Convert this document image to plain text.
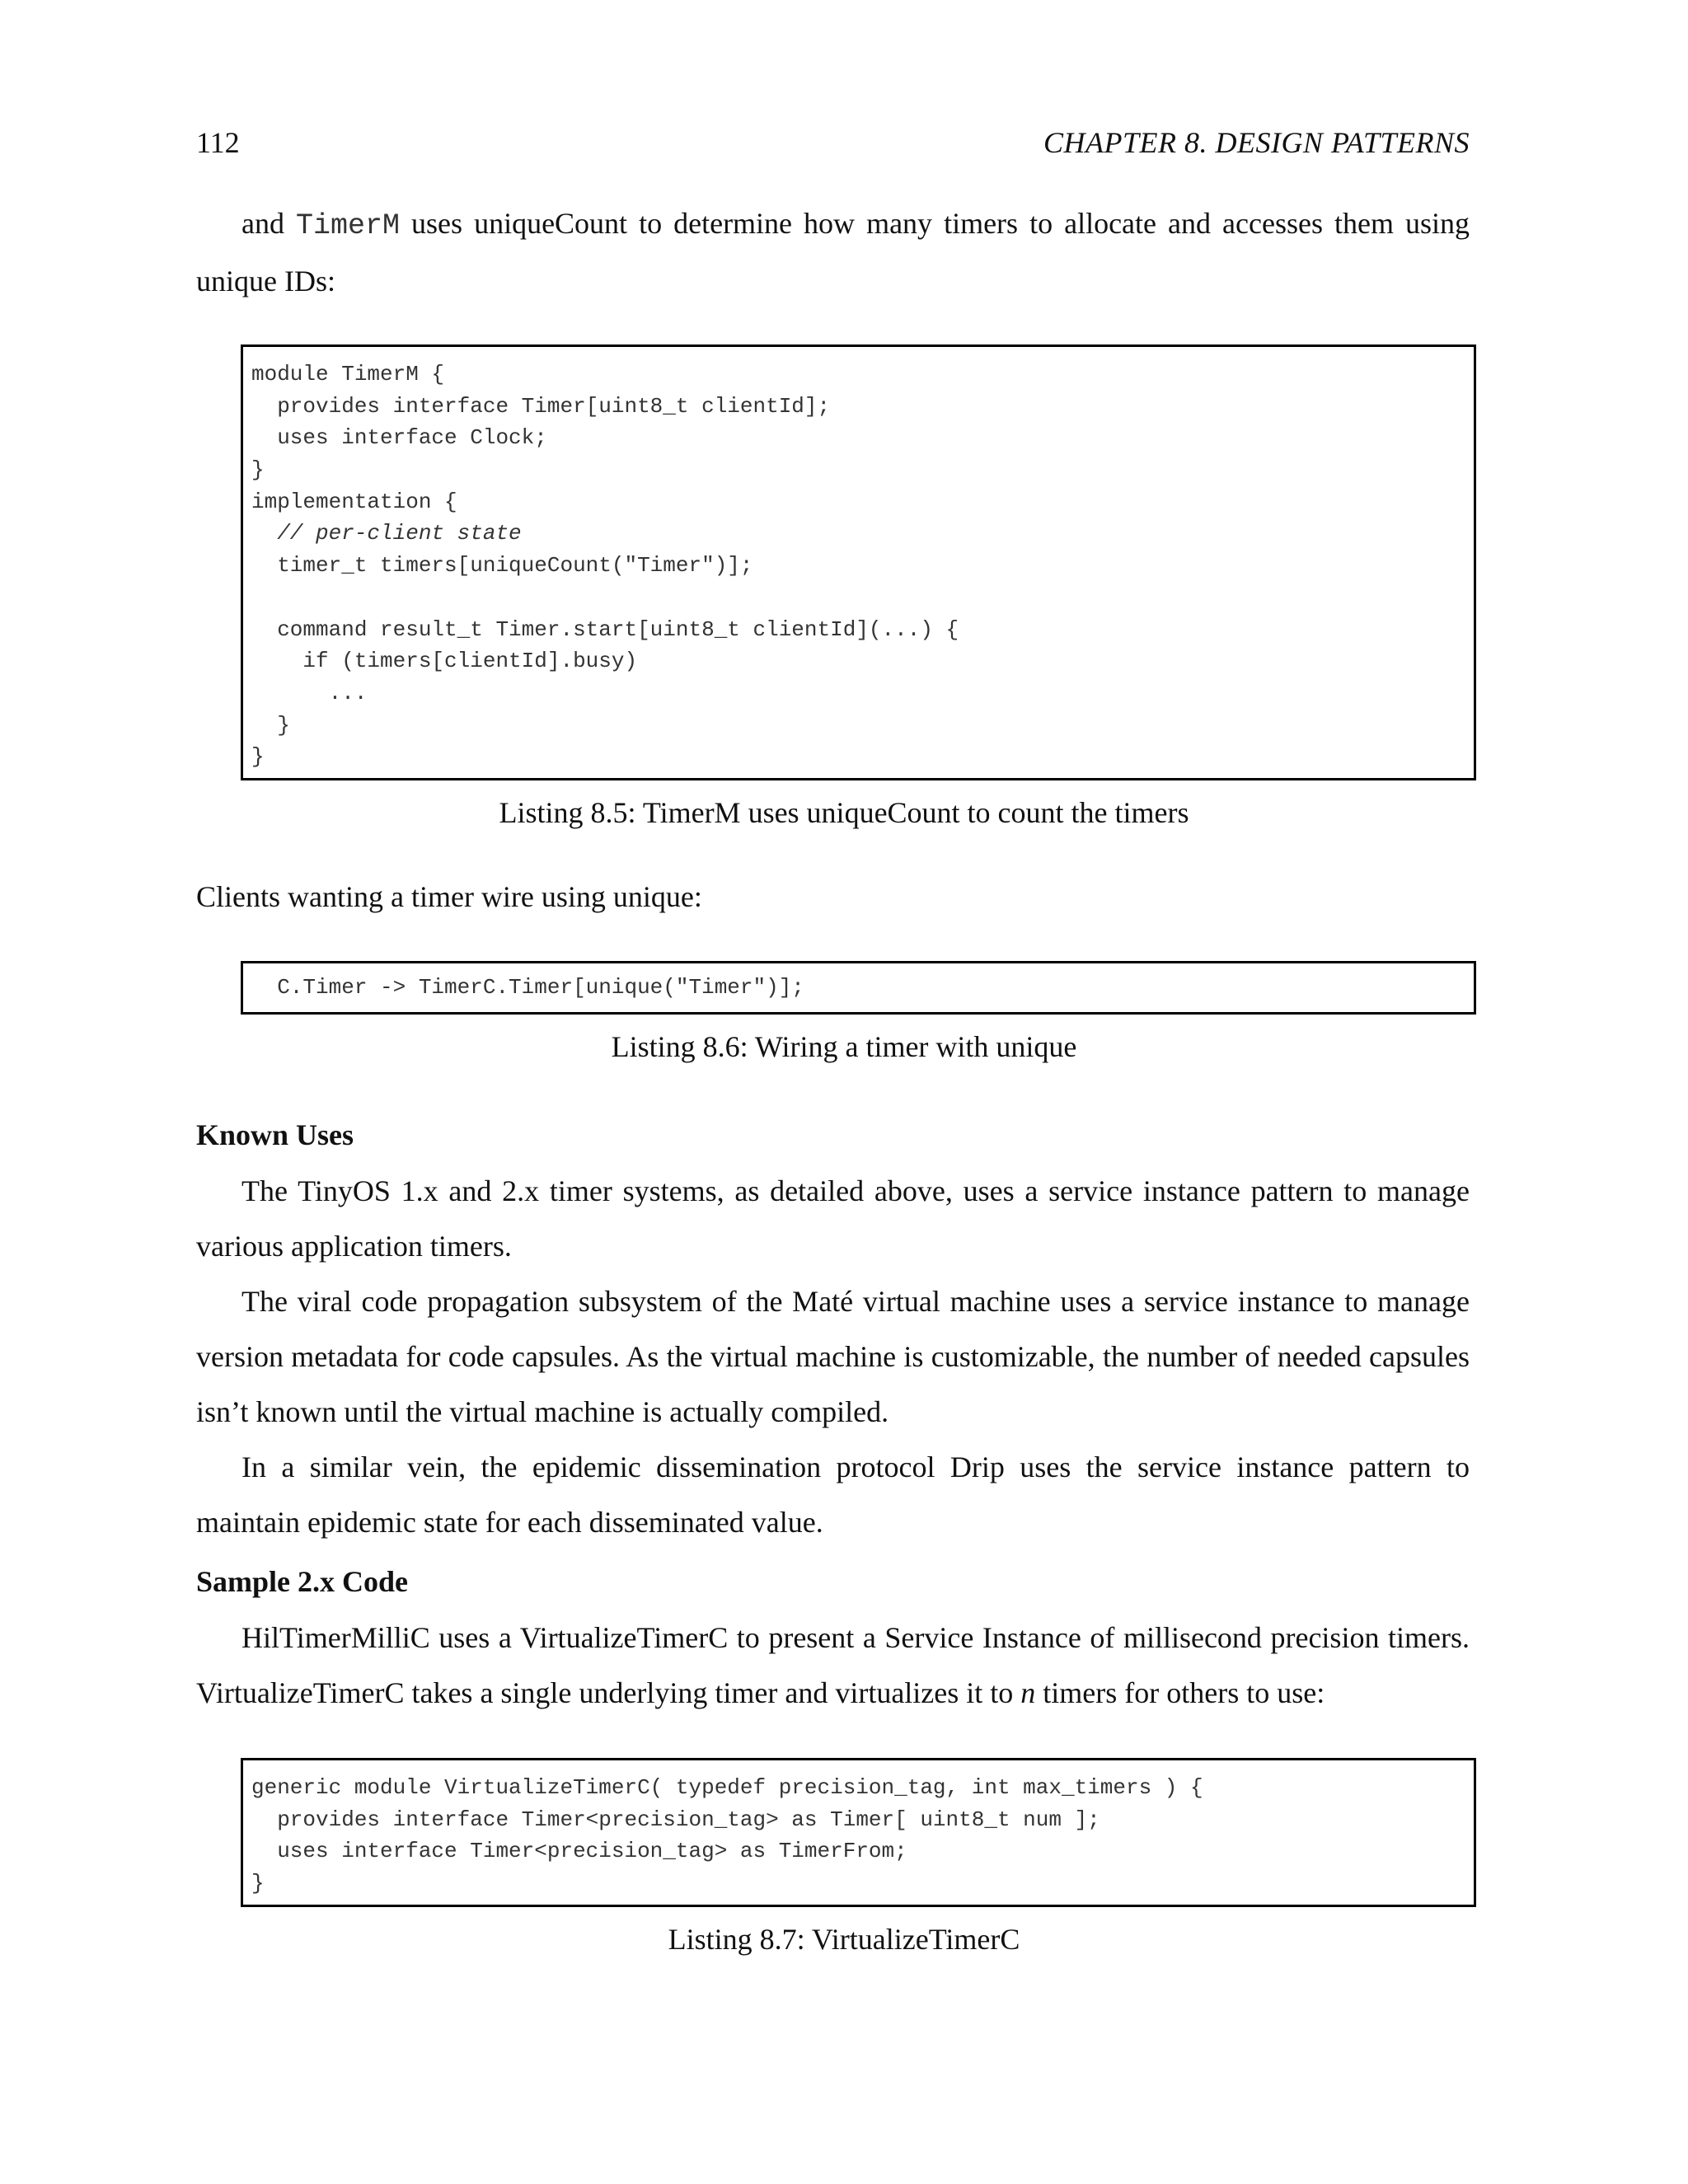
112	CHAPTER 8. DESIGN PATTERNS
and TimerM uses uniqueCount to determine how many timers to allocate and accesses them using unique IDs:
module TimerM {
provides interface Timer[uint8_t clientId];
uses interface Clock;
}
implementation {
// per-client state
timer_t timers[uniqueCount("Timer")];
command result_t Timer.start[uint8_t clientId](...) {
if (timers[clientId].busy)
...
}
}
Listing 8.5: TimerM uses uniqueCount to count the timers
Clients wanting a timer wire using unique:
C.Timer -> TimerC.Timer[unique("Timer")];
Listing 8.6: Wiring a timer with unique
Known Uses
The TinyOS 1.x and 2.x timer systems, as detailed above, uses a service instance pattern to manage various application timers.
The viral code propagation subsystem of the Maté virtual machine uses a service instance to manage version metadata for code capsules. As the virtual machine is customizable, the number of needed capsules isn’t known until the virtual machine is actually compiled.
In a similar vein, the epidemic dissemination protocol Drip uses the service instance pattern to maintain epidemic state for each disseminated value.
Sample 2.x Code
HilTimerMilliC uses a VirtualizeTimerC to present a Service Instance of millisecond precision timers. VirtualizeTimerC takes a single underlying timer and virtualizes it to n timers for others to use:
generic module VirtualizeTimerC( typedef precision_tag, int max_timers ) {
provides interface Timer<precision_tag> as Timer[ uint8_t num ];
uses interface Timer<precision_tag> as TimerFrom;
}
Listing 8.7: VirtualizeTimerC
